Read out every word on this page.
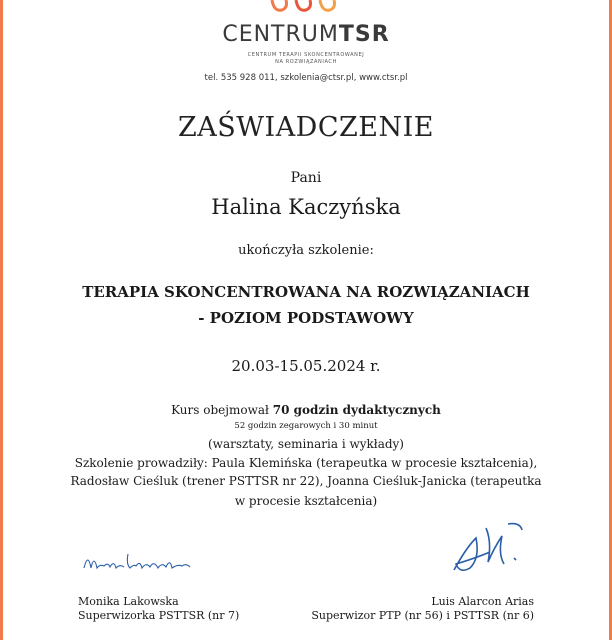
CENTRUMTSR
CENTRUM TERAPII SKONCENTROWANEJ
NA ROZWIĄZANIACH
tel. 535 928 011, szkolenia@ctsr.pl, www.ctsr.pl
ZAŚWIADCZENIE
Pani
Halina Kaczyńska
ukończyła szkolenie:
TERAPIA SKONCENTROWANA NA ROZWIĄZANIACH
- POZIOM PODSTAWOWY
20.03-15.05.2024 r.
Kurs obejmował 70 godzin dydaktycznych
52 godzin zegarowych i 30 minut
(warsztaty, seminaria i wykłady)
Szkolenie prowadziły: Paula Klemińska (terapeutka w procesie kształcenia),
Radosław Cieśluk (trener PSTTSR nr 22), Joanna Cieśluk-Janicka (terapeutka
w procesie kształcenia)
Monika Lakowska
Superwizorka PSTTSR (nr 7)
Luis Alarcon Arias
Superwizor PTP (nr 56) i PSTTSR (nr 6)
